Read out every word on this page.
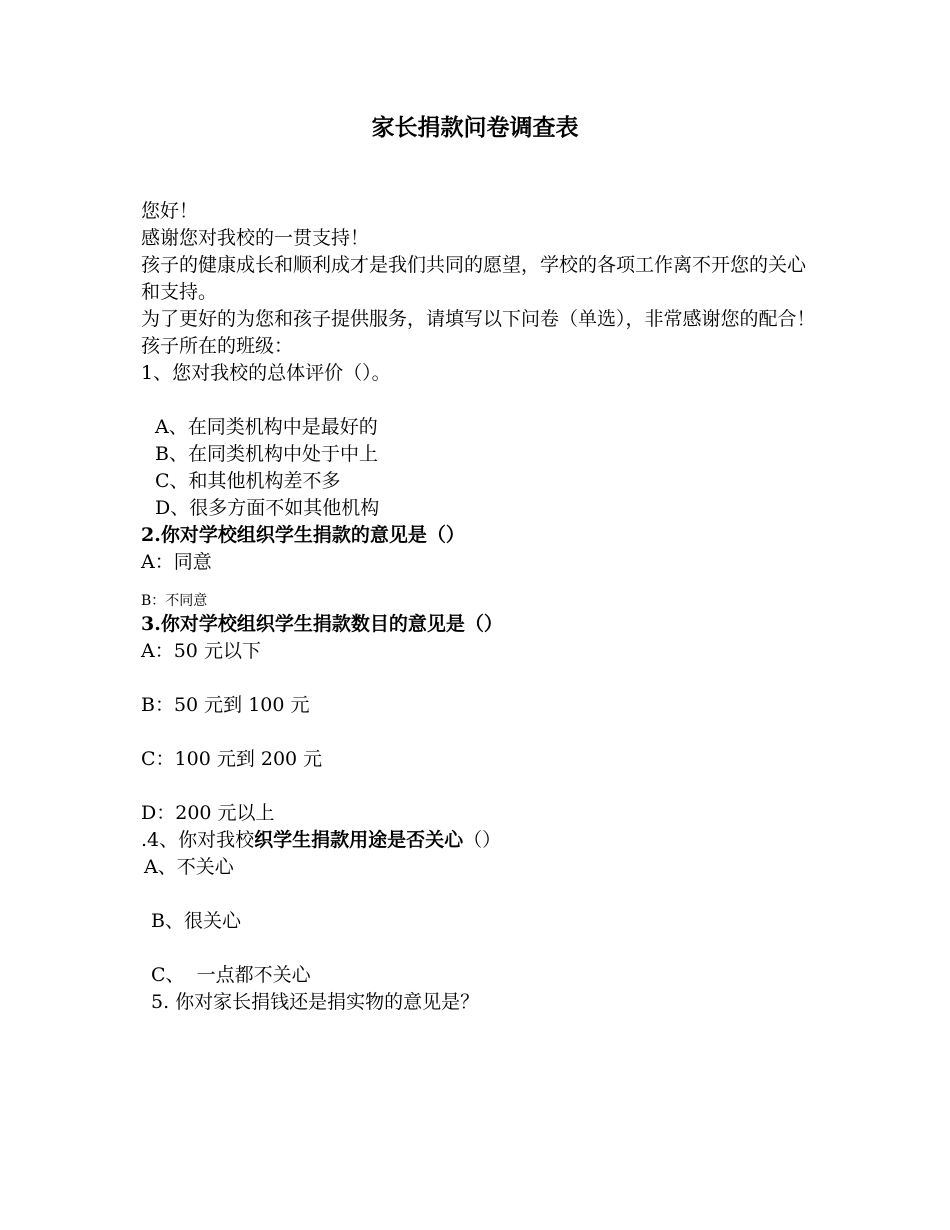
家长捐款问卷调查表
您好！
感谢您对我校的一贯支持！
孩子的健康成长和顺利成才是我们共同的愿望，学校的各项工作离不开您的关心和支持。
为了更好的为您和孩子提供服务，请填写以下问卷（单选），非常感谢您的配合！
孩子所在的班级：
1、您对我校的总体评价（）。
A、在同类机构中是最好的
B、在同类机构中处于中上
C、和其他机构差不多
D、很多方面不如其他机构
2.你对学校组织学生捐款的意见是（）
A：同意
B：不同意
3.你对学校组织学生捐款数目的意见是（）
A：50 元以下
B：50 元到 100 元
C：100 元到 200 元
D：200 元以上
.4、你对我校织学生捐款用途是否关心（）
A、不关心
B、很关心
C、  一点都不关心
5. 你对家长捐钱还是捐实物的意见是？
